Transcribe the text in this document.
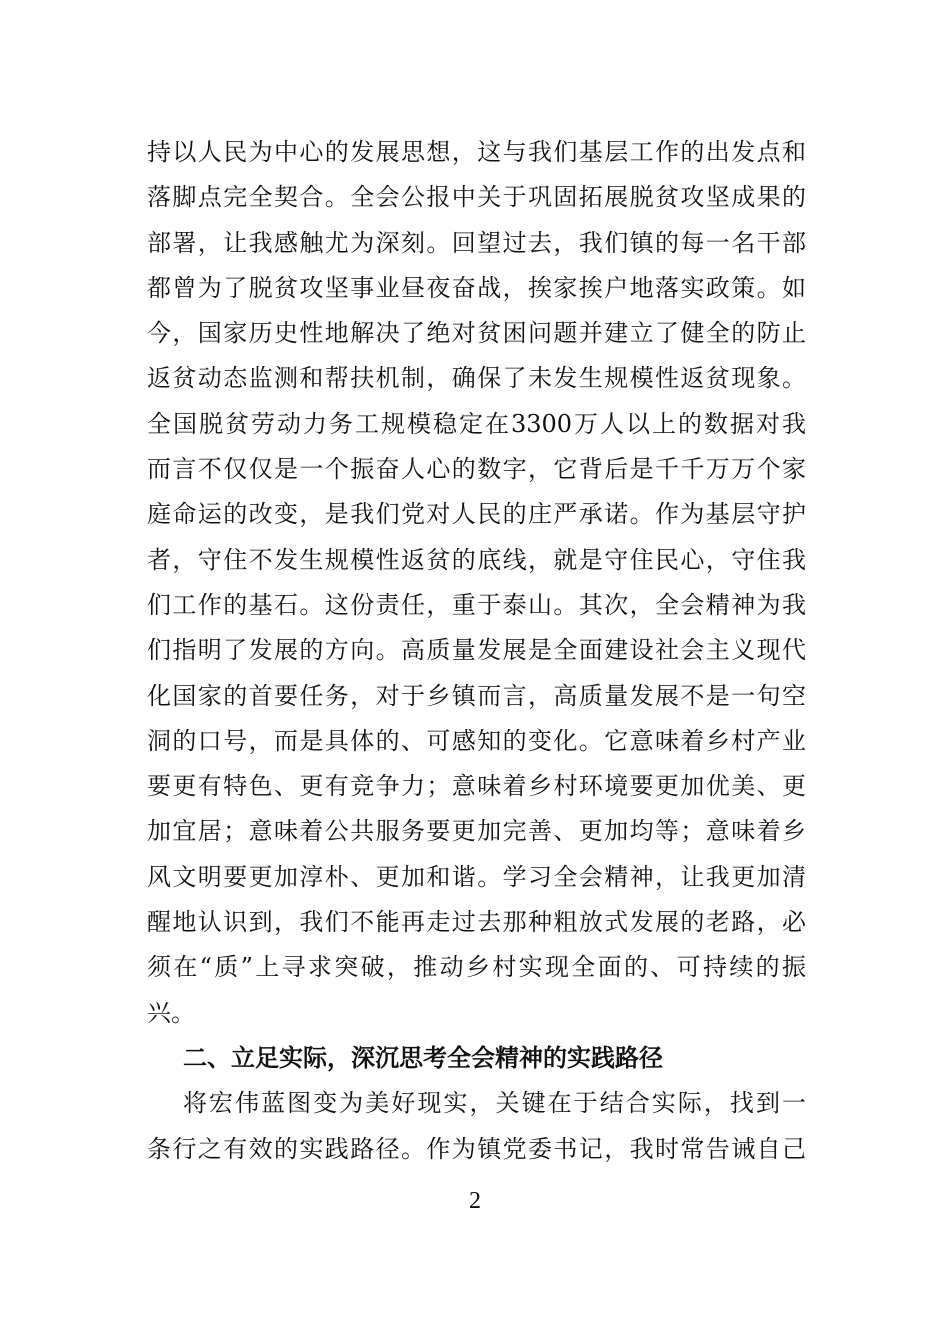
持以人民为中心的发展思想，这与我们基层工作的出发点和
落脚点完全契合。全会公报中关于巩固拓展脱贫攻坚成果的
部署，让我感触尤为深刻。回望过去，我们镇的每一名干部
都曾为了脱贫攻坚事业昼夜奋战，挨家挨户地落实政策。如
今，国家历史性地解决了绝对贫困问题并建立了健全的防止
返贫动态监测和帮扶机制，确保了未发生规模性返贫现象。
全国脱贫劳动力务工规模稳定在3300万人以上的数据对我
而言不仅仅是一个振奋人心的数字，它背后是千千万万个家
庭命运的改变，是我们党对人民的庄严承诺。作为基层守护
者，守住不发生规模性返贫的底线，就是守住民心，守住我
们工作的基石。这份责任，重于泰山。其次，全会精神为我
们指明了发展的方向。高质量发展是全面建设社会主义现代
化国家的首要任务，对于乡镇而言，高质量发展不是一句空
洞的口号，而是具体的、可感知的变化。它意味着乡村产业
要更有特色、更有竞争力；意味着乡村环境要更加优美、更
加宜居；意味着公共服务要更加完善、更加均等；意味着乡
风文明要更加淳朴、更加和谐。学习全会精神，让我更加清
醒地认识到，我们不能再走过去那种粗放式发展的老路，必
须在“质”上寻求突破，推动乡村实现全面的、可持续的振
兴。
二、立足实际，深沉思考全会精神的实践路径
将宏伟蓝图变为美好现实，关键在于结合实际，找到一
条行之有效的实践路径。作为镇党委书记，我时常告诫自己
2
